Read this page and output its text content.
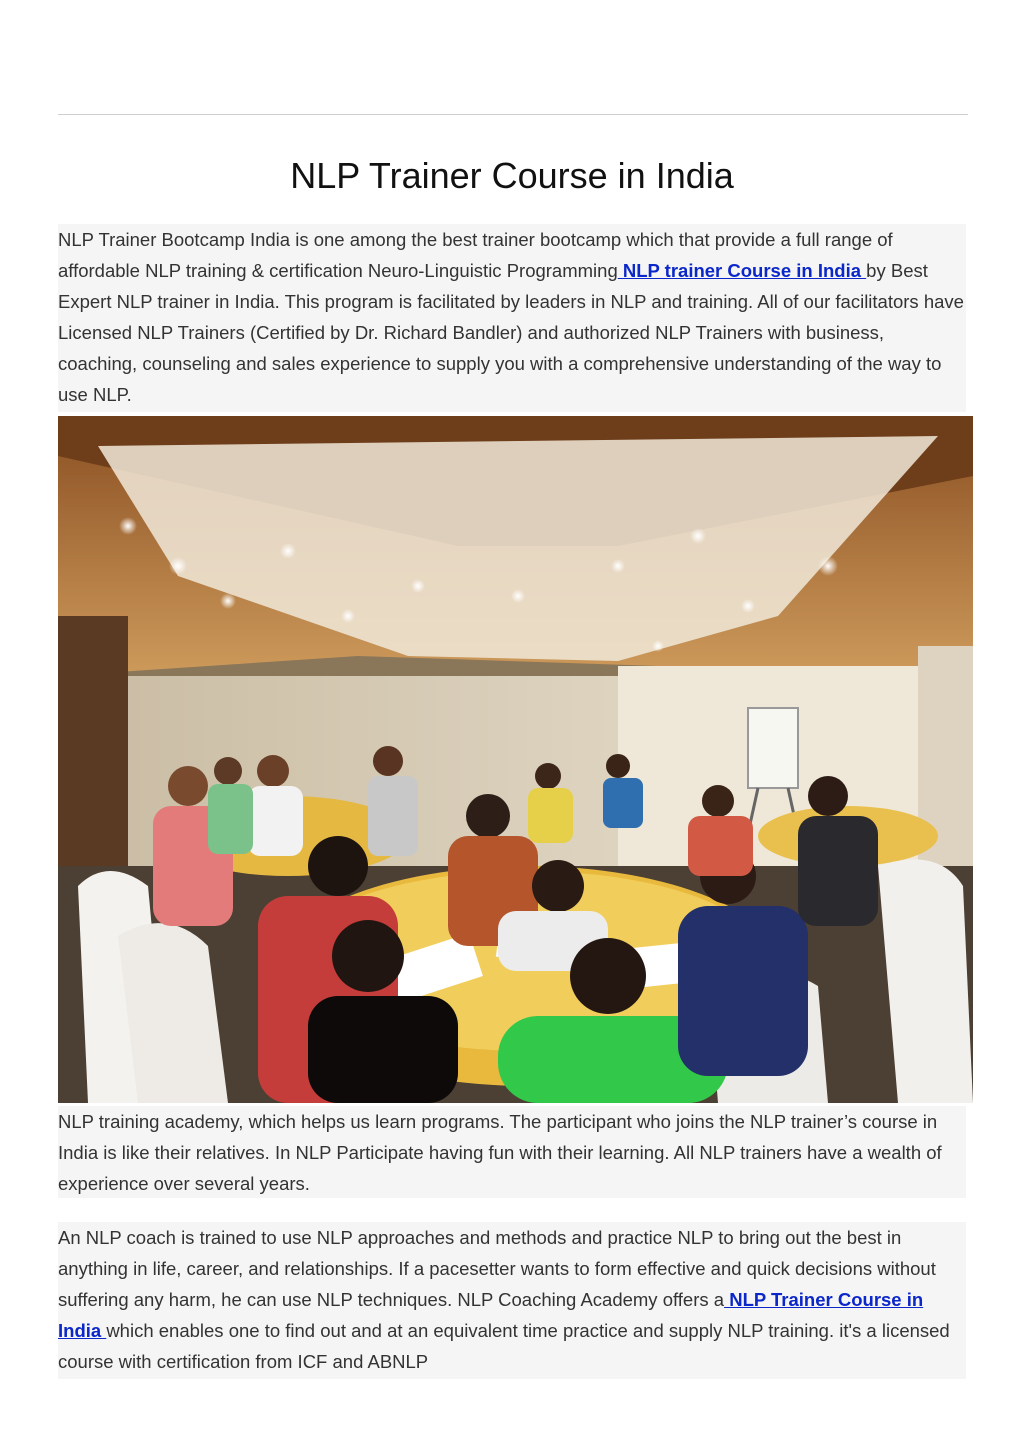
NLP Trainer Course in India

NLP Trainer Bootcamp India is one among the best trainer bootcamp which that provide a full range of affordable NLP training & certification Neuro-Linguistic Programming NLP trainer Course in India by Best Expert NLP trainer in India. This program is facilitated by leaders in NLP and training. All of our facilitators have Licensed NLP Trainers (Certified by Dr. Richard Bandler) and authorized NLP Trainers with business, coaching, counseling and sales experience to supply you with a comprehensive understanding of the way to use NLP.

NLP training academy, which helps us learn programs. The participant who joins the NLP trainer’s course in India is like their relatives. In NLP Participate having fun with their learning. All NLP trainers have a wealth of experience over several years.

An NLP coach is trained to use NLP approaches and methods and practice NLP to bring out the best in anything in life, career, and relationships. If a pacesetter wants to form effective and quick decisions without suffering any harm, he can use NLP techniques. NLP Coaching Academy offers a NLP Trainer Course in India which enables one to find out and at an equivalent time practice and supply NLP training. it's a licensed course with certification from ICF and ABNLP
